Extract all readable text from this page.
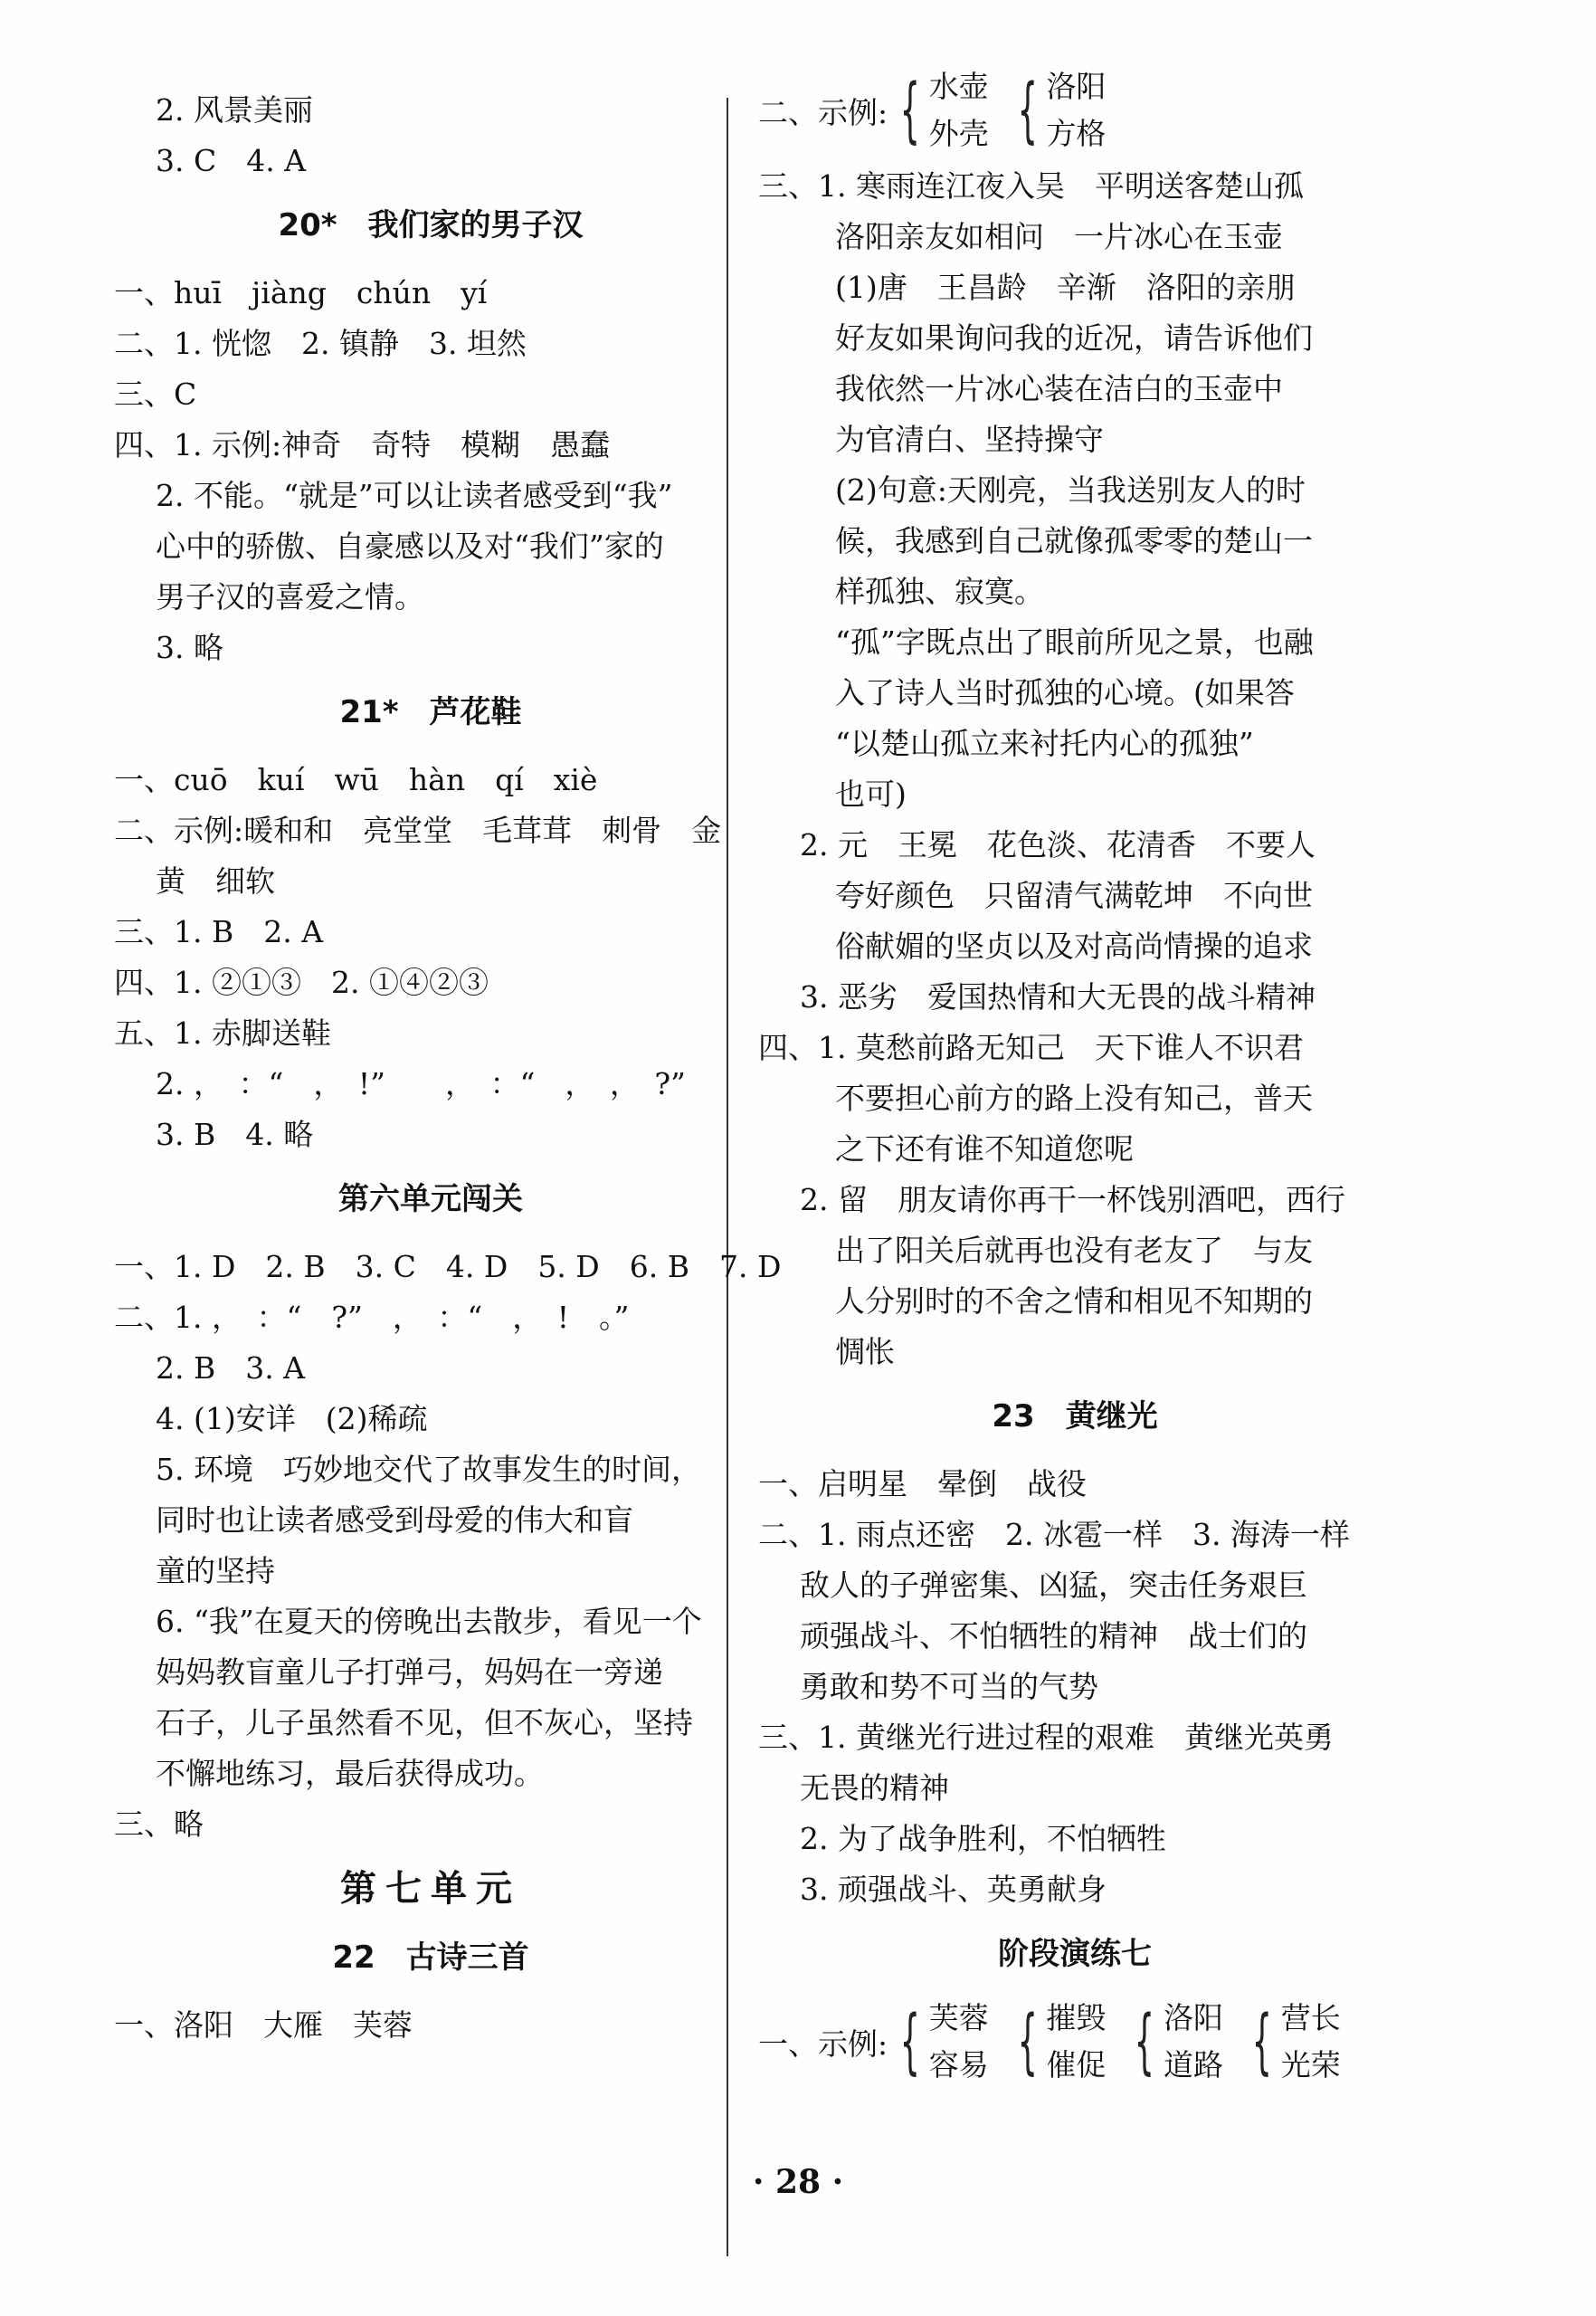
2. 风景美丽
3. C　4. A
20*　我们家的男子汉
一、huī　jiàng　chún　yí
二、1. 恍惚　2. 镇静　3. 坦然
三、C
四、1. 示例:神奇　奇特　模糊　愚蠢
2. 不能。“就是”可以让读者感受到“我”
心中的骄傲、自豪感以及对“我们”家的
男子汉的喜爱之情。
3. 略
21*　芦花鞋
一、cuō　kuí　wū　hàn　qí　xiè
二、示例:暖和和　亮堂堂　毛茸茸　刺骨　金
黄　细软
三、1. B　2. A
四、1. ②①③　2. ①④②③
五、1. 赤脚送鞋
2. ，　：“　，　!”　　，　：“　，　，　?”
3. B　4. 略
第六单元闯关
一、1. D　2. B　3. C　4. D　5. D　6. B　7. D
二、1. ，　：“　?”　，　：“　，　!　。”
2. B　3. A
4. (1)安详　(2)稀疏
5. 环境　巧妙地交代了故事发生的时间，
同时也让读者感受到母爱的伟大和盲
童的坚持
6. “我”在夏天的傍晚出去散步，看见一个
妈妈教盲童儿子打弹弓，妈妈在一旁递
石子，儿子虽然看不见，但不灰心，坚持
不懈地练习，最后获得成功。
三、略
第七单元
22　古诗三首
一、洛阳　大雁　芙蓉
二、示例: { 水壶
外壳 { 洛阳
方格
三、1. 寒雨连江夜入吴　平明送客楚山孤
洛阳亲友如相问　一片冰心在玉壶
(1)唐　王昌龄　辛渐　洛阳的亲朋
好友如果询问我的近况，请告诉他们
我依然一片冰心装在洁白的玉壶中
为官清白、坚持操守
(2)句意:天刚亮，当我送别友人的时
候，我感到自己就像孤零零的楚山一
样孤独、寂寞。
“孤”字既点出了眼前所见之景，也融
入了诗人当时孤独的心境。(如果答
“以楚山孤立来衬托内心的孤独”
也可)
2. 元　王冕　花色淡、花清香　不要人
夸好颜色　只留清气满乾坤　不向世
俗献媚的坚贞以及对高尚情操的追求
3. 恶劣　爱国热情和大无畏的战斗精神
四、1. 莫愁前路无知己　天下谁人不识君
不要担心前方的路上没有知己，普天
之下还有谁不知道您呢
2. 留　朋友请你再干一杯饯别酒吧，西行
出了阳关后就再也没有老友了　与友
人分别时的不舍之情和相见不知期的
惆怅
23　黄继光
一、启明星　晕倒　战役
二、1. 雨点还密　2. 冰雹一样　3. 海涛一样
敌人的子弹密集、凶猛，突击任务艰巨
顽强战斗、不怕牺牲的精神　战士们的
勇敢和势不可当的气势
三、1. 黄继光行进过程的艰难　黄继光英勇
无畏的精神
2. 为了战争胜利，不怕牺牲
3. 顽强战斗、英勇献身
阶段演练七
一、示例: { 芙蓉
容易 { 摧毁
催促 { 洛阳
道路 { 营长
光荣
· 28 ·
